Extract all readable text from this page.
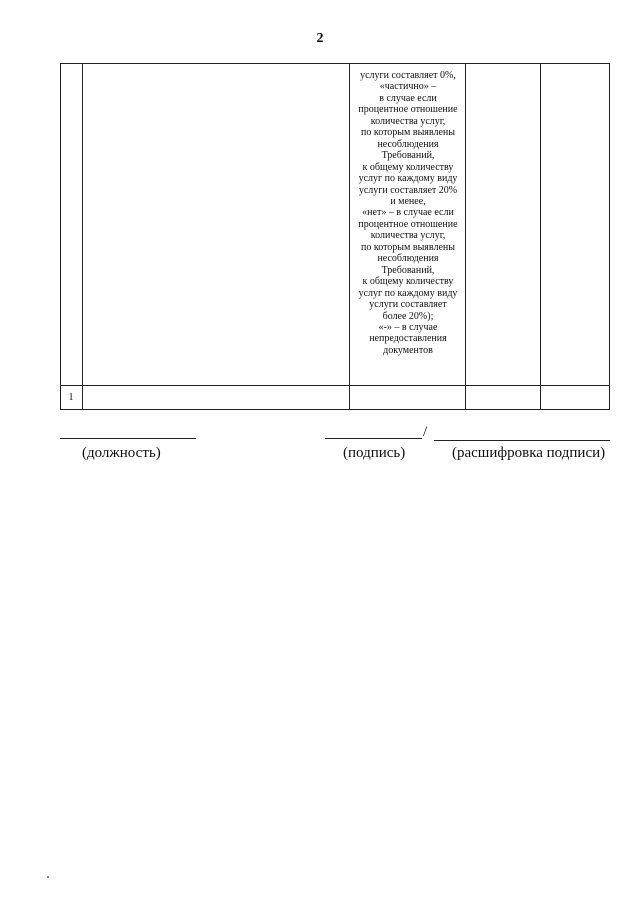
2
услуги составляет 0%,
«частично» –
в случае если
процентное отношение
количества услуг,
по которым выявлены
несоблюдения
Требований,
к общему количеству
услуг по каждому виду
услуги составляет 20%
и менее,
«нет» – в случае если
процентное отношение
количества услуг,
по которым выявлены
несоблюдения
Требований,
к общему количеству
услуг по каждому виду
услуги составляет
более 20%);
«-» – в случае
непредоставления
документов
1
/
(должность)	(подпись)	(расшифровка подписи)
